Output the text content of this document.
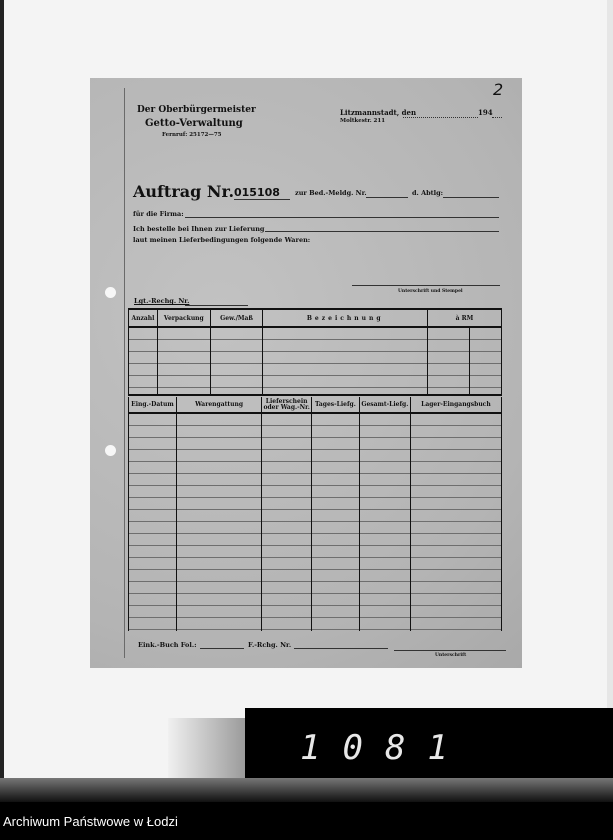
2
Der Oberbürgermeister
Getto-Verwaltung
Fernruf: 25172—75
Litzmannstadt, den	194
Moltkestr. 211
Auftrag Nr. 015108 zur Bed.-Meldg. Nr.	d. Abtlg:
für die Firma:
Ich bestelle bei Ihnen zur Lieferung
laut meinen Lieferbedingungen folgende Waren:
Unterschrift und Stempel
Lgt.-Rechg. Nr.
Anzahl	Verpackung	Gew./Maß	Bezeichnung	à RM	

Eing.-Datum	Warengattung	Lieferschein oder Wag.-Nr.	Tages-Liefg.	Gesamt-Liefg.	Lager-Eingangsbuch

Eink.-Buch Fol.:	F.-Rchg. Nr.
Unterschrift
1081
Archiwum Państwowe w Łodzi
